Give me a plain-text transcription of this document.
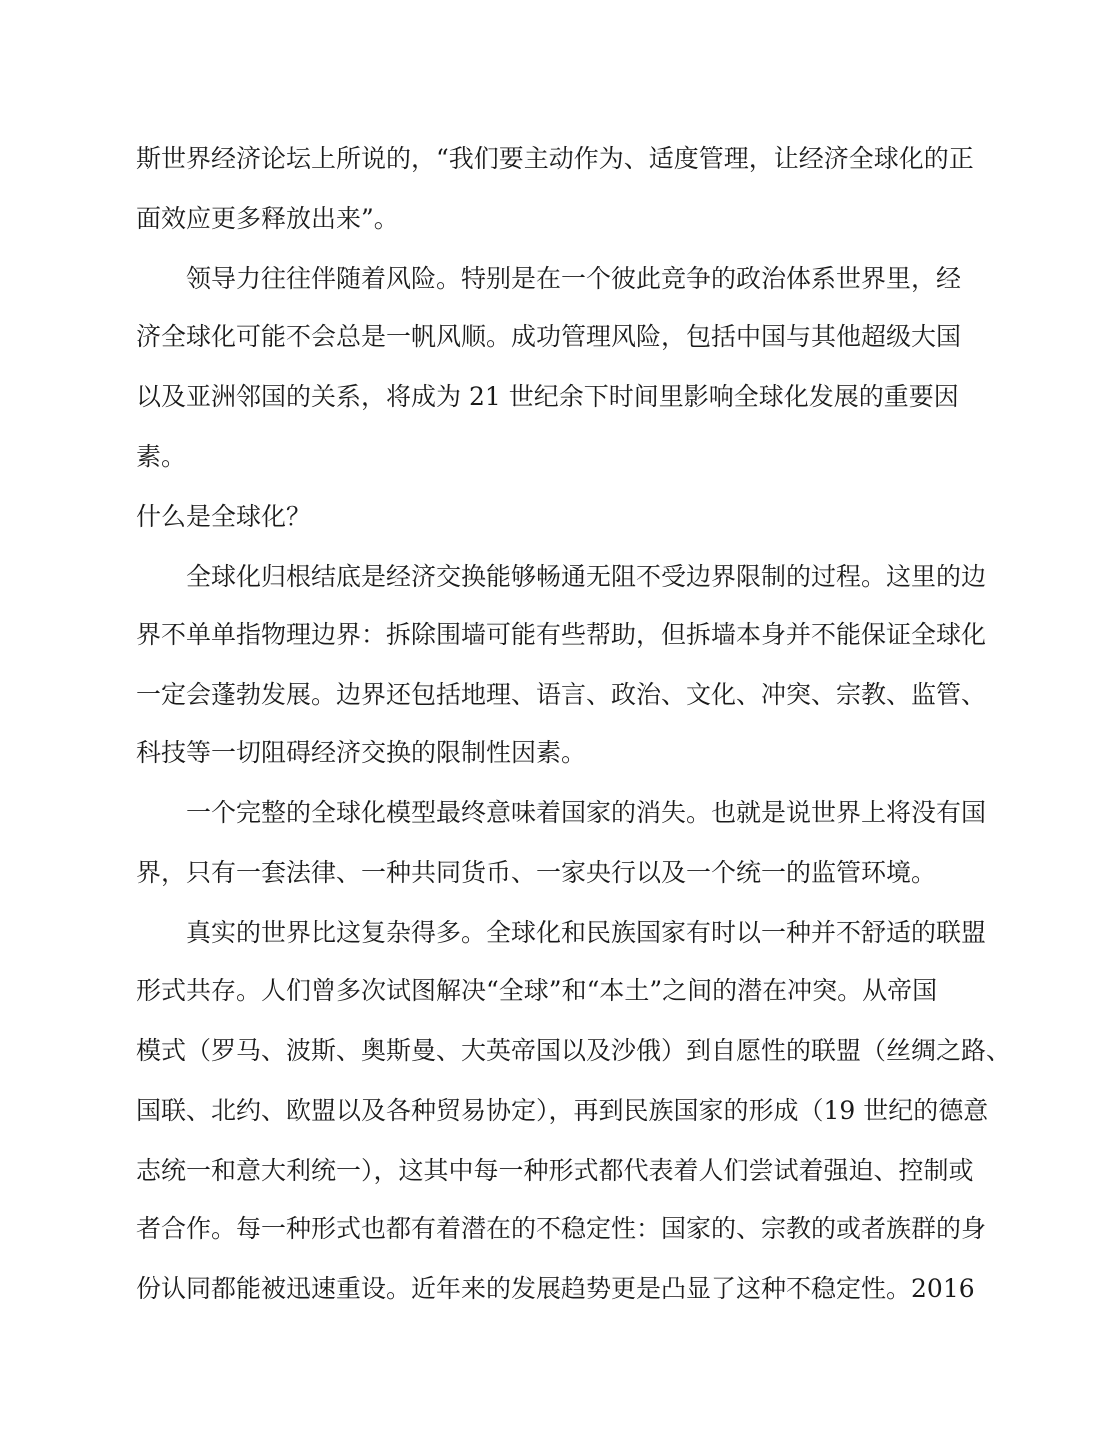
斯世界经济论坛上所说的，“我们要主动作为、适度管理，让经济全球化的正
面效应更多释放出来”。
领导力往往伴随着风险。特别是在一个彼此竞争的政治体系世界里，经
济全球化可能不会总是一帆风顺。成功管理风险，包括中国与其他超级大国
以及亚洲邻国的关系，将成为 21 世纪余下时间里影响全球化发展的重要因
素。
什么是全球化？
全球化归根结底是经济交换能够畅通无阻不受边界限制的过程。这里的边
界不单单指物理边界：拆除围墙可能有些帮助，但拆墙本身并不能保证全球化
一定会蓬勃发展。边界还包括地理、语言、政治、文化、冲突、宗教、监管、
科技等一切阻碍经济交换的限制性因素。
一个完整的全球化模型最终意味着国家的消失。也就是说世界上将没有国
界，只有一套法律、一种共同货币、一家央行以及一个统一的监管环境。
真实的世界比这复杂得多。全球化和民族国家有时以一种并不舒适的联盟
形式共存。人们曾多次试图解决“全球”和“本土”之间的潜在冲突。从帝国
模式（罗马、波斯、奥斯曼、大英帝国以及沙俄）到自愿性的联盟（丝绸之路、
国联、北约、欧盟以及各种贸易协定），再到民族国家的形成（19 世纪的德意
志统一和意大利统一），这其中每一种形式都代表着人们尝试着强迫、控制或
者合作。每一种形式也都有着潜在的不稳定性：国家的、宗教的或者族群的身
份认同都能被迅速重设。近年来的发展趋势更是凸显了这种不稳定性。2016
